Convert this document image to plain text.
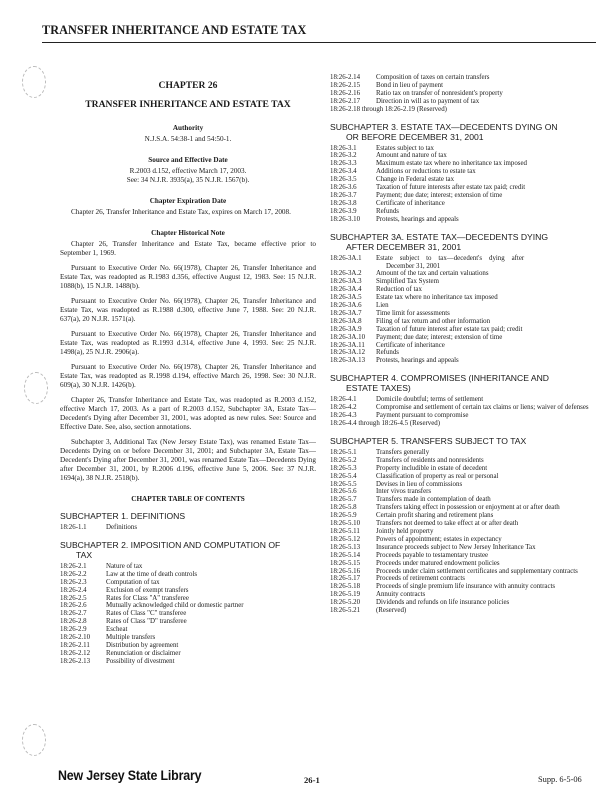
TRANSFER INHERITANCE AND ESTATE TAX
CHAPTER 26
TRANSFER INHERITANCE AND ESTATE TAX
Authority
N.J.S.A. 54:38-1 and 54:50-1.
Source and Effective Date
R.2003 d.152, effective March 17, 2003.
See: 34 N.J.R. 3935(a), 35 N.J.R. 1567(b).
Chapter Expiration Date
Chapter 26, Transfer Inheritance and Estate Tax, expires on March 17, 2008.
Chapter Historical Note
Chapter 26, Transfer Inheritance and Estate Tax, became effective prior to September 1, 1969.
Pursuant to Executive Order No. 66(1978), Chapter 26, Transfer Inheritance and Estate Tax, was readopted as R.1983 d.356, effective August 12, 1983. See: 15 N.J.R. 1088(b), 15 N.J.R. 1488(b).
Pursuant to Executive Order No. 66(1978), Chapter 26, Transfer Inheritance and Estate Tax, was readopted as R.1988 d.300, effective June 7, 1988. See: 20 N.J.R. 637(a), 20 N.J.R. 1571(a).
Pursuant to Executive Order No. 66(1978), Chapter 26, Transfer Inheritance and Estate Tax, was readopted as R.1993 d.314, effective June 4, 1993. See: 25 N.J.R. 1498(a), 25 N.J.R. 2906(a).
Pursuant to Executive Order No. 66(1978), Chapter 26, Transfer Inheritance and Estate Tax, was readopted as R.1998 d.194, effective March 26, 1998. See: 30 N.J.R. 609(a), 30 N.J.R. 1426(b).
Chapter 26, Transfer Inheritance and Estate Tax, was readopted as R.2003 d.152, effective March 17, 2003. As a part of R.2003 d.152, Subchapter 3A, Estate Tax—Decedent's Dying after December 31, 2001, was adopted as new rules. See: Source and Effective Date. See, also, section annotations.
Subchapter 3, Additional Tax (New Jersey Estate Tax), was renamed Estate Tax—Decedents Dying on or before December 31, 2001; and Subchapter 3A, Estate Tax—Decedent's Dying after December 31, 2001, was renamed Estate Tax—Decedents Dying after December 31, 2001, by R.2006 d.196, effective June 5, 2006. See: 37 N.J.R. 1694(a), 38 N.J.R. 2518(b).
CHAPTER TABLE OF CONTENTS
SUBCHAPTER 1. DEFINITIONS
18:26-1.1	Definitions
SUBCHAPTER 2. IMPOSITION AND COMPUTATION OF
TAX
18:26-2.1	Nature of tax
18:26-2.2	Law at the time of death controls
18:26-2.3	Computation of tax
18:26-2.4	Exclusion of exempt transfers
18:26-2.5	Rates for Class "A" transferee
18:26-2.6	Mutually acknowledged child or domestic partner
18:26-2.7	Rates of Class "C" transferee
18:26-2.8	Rates of Class "D" transferee
18:26-2.9	Escheat
18:26-2.10	Multiple transfers
18:26-2.11	Distribution by agreement
18:26-2.12	Renunciation or disclaimer
18:26-2.13	Possibility of divestment
18:26-2.14	Composition of taxes on certain transfers
18:26-2.15	Bond in lieu of payment
18:26-2.16	Ratio tax on transfer of nonresident's property
18:26-2.17	Direction in will as to payment of tax
18:26-2.18 through 18:26-2.19 (Reserved)
SUBCHAPTER 3. ESTATE TAX—DECEDENTS DYING ON
OR BEFORE DECEMBER 31, 2001
18:26-3.1	Estates subject to tax
18:26-3.2	Amount and nature of tax
18:26-3.3	Maximum estate tax where no inheritance tax imposed
18:26-3.4	Additions or reductions to estate tax
18:26-3.5	Change in Federal estate tax
18:26-3.6	Taxation of future interests after estate tax paid; credit
18:26-3.7	Payment; due date; interest; extension of time
18:26-3.8	Certificate of inheritance
18:26-3.9	Refunds
18:26-3.10	Protests, hearings and appeals
SUBCHAPTER 3A. ESTATE TAX—DECEDENTS DYING
AFTER DECEMBER 31, 2001
18:26-3A.1	Estate    subject    to    tax—decedent's    dying    after
December 31, 2001
18:26-3A.2	Amount of the tax and certain valuations
18:26-3A.3	Simplified Tax System
18:26-3A.4	Reduction of tax
18:26-3A.5	Estate tax where no inheritance tax imposed
18:26-3A.6	Lien
18:26-3A.7	Time limit for assessments
18:26-3A.8	Filing of tax return and other information
18:26-3A.9	Taxation of future interest after estate tax paid; credit
18:26-3A.10	Payment; due date; interest; extension of time
18:26-3A.11	Certificate of inheritance
18:26-3A.12	Refunds
18:26-3A.13	Protests, hearings and appeals
SUBCHAPTER 4. COMPROMISES (INHERITANCE AND
ESTATE TAXES)
18:26-4.1	Domicile doubtful; terms of settlement
18:26-4.2	Compromise and settlement of certain tax claims or liens; waiver of defenses
18:26-4.3	Payment pursuant to compromise
18:26-4.4 through 18:26-4.5 (Reserved)
SUBCHAPTER 5. TRANSFERS SUBJECT TO TAX
18:26-5.1	Transfers generally
18:26-5.2	Transfers of residents and nonresidents
18:26-5.3	Property includible in estate of decedent
18:26-5.4	Classification of property as real or personal
18:26-5.5	Devises in lieu of commissions
18:26-5.6	Inter vivos transfers
18:26-5.7	Transfers made in contemplation of death
18:26-5.8	Transfers taking effect in possession or enjoyment at or after death
18:26-5.9	Certain profit sharing and retirement plans
18:26-5.10	Transfers not deemed to take effect at or after death
18:26-5.11	Jointly held property
18:26-5.12	Powers of appointment; estates in expectancy
18:26-5.13	Insurance proceeds subject to New Jersey Inheritance Tax
18:26-5.14	Proceeds payable to testamentary trustee
18:26-5.15	Proceeds under matured endowment policies
18:26-5.16	Proceeds under claim settlement certificates and supplementary contracts
18:26-5.17	Proceeds of retirement contracts
18:26-5.18	Proceeds of single premium life insurance with annuity contracts
18:26-5.19	Annuity contracts
18:26-5.20	Dividends and refunds on life insurance policies
18:26-5.21	(Reserved)
New Jersey State Library	26-1	Supp. 6-5-06
